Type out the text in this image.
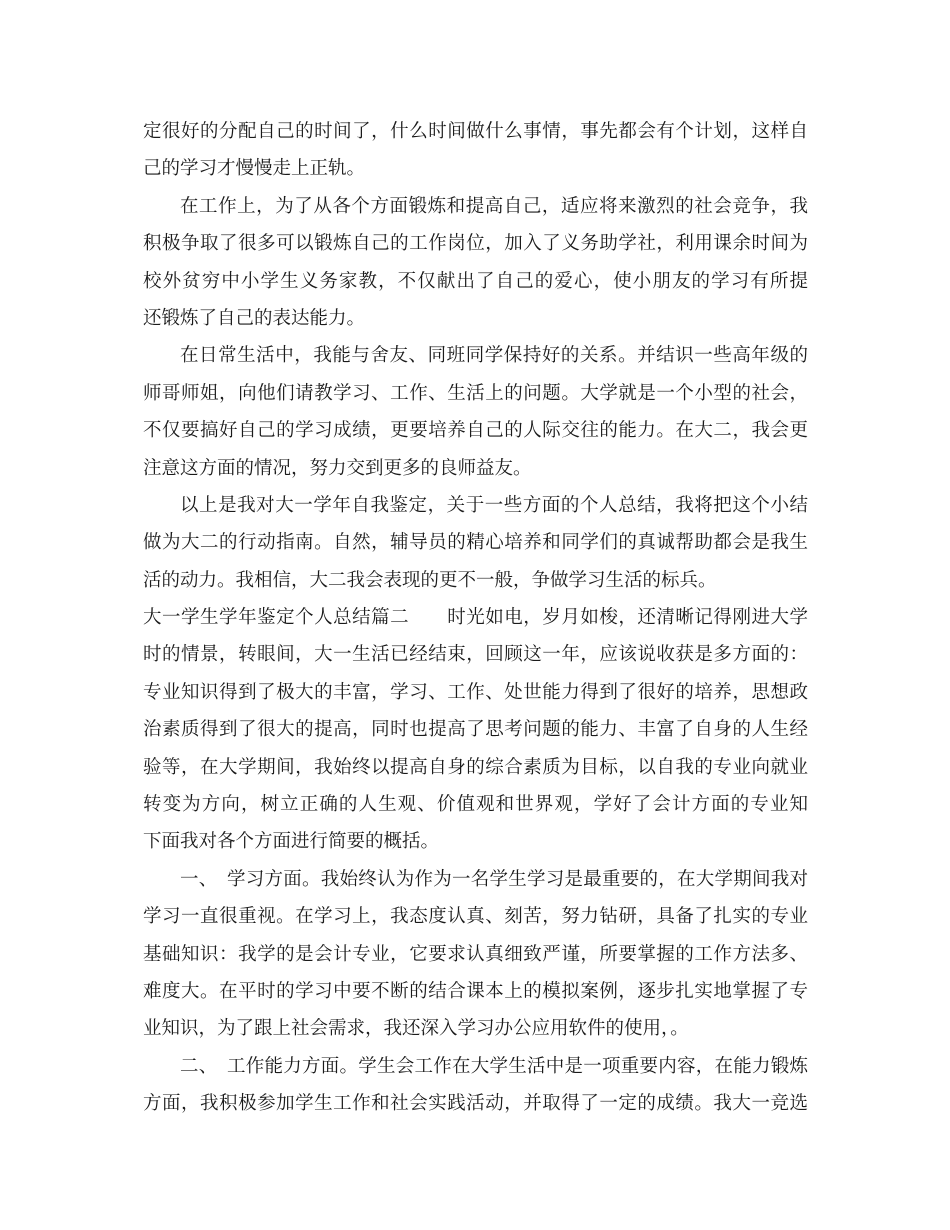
定很好的分配自己的时间了，什么时间做什么事情，事先都会有个计划，这样自
己的学习才慢慢走上正轨。
在工作上，为了从各个方面锻炼和提高自己，适应将来激烈的社会竞争，我
积极争取了很多可以锻炼自己的工作岗位，加入了义务助学社，利用课余时间为
校外贫穷中小学生义务家教，不仅献出了自己的爱心，使小朋友的学习有所提
还锻炼了自己的表达能力。
在日常生活中，我能与舍友、同班同学保持好的关系。并结识一些高年级的
师哥师姐，向他们请教学习、工作、生活上的问题。大学就是一个小型的社会，
不仅要搞好自己的学习成绩，更要培养自己的人际交往的能力。在大二，我会更
注意这方面的情况，努力交到更多的良师益友。
以上是我对大一学年自我鉴定，关于一些方面的个人总结，我将把这个小结
做为大二的行动指南。自然，辅导员的精心培养和同学们的真诚帮助都会是我生
活的动力。我相信，大二我会表现的更不一般，争做学习生活的标兵。
大一学生学年鉴定个人总结篇二　　时光如电，岁月如梭，还清晰记得刚进大学
时的情景，转眼间，大一生活已经结束，回顾这一年，应该说收获是多方面的：
专业知识得到了极大的丰富，学习、工作、处世能力得到了很好的培养，思想政
治素质得到了很大的提高，同时也提高了思考问题的能力、丰富了自身的人生经
验等，在大学期间，我始终以提高自身的综合素质为目标，以自我的专业向就业
转变为方向，树立正确的人生观、价值观和世界观，学好了会计方面的专业知
下面我对各个方面进行简要的概括。
一、　学习方面。我始终认为作为一名学生学习是最重要的，在大学期间我对
学习一直很重视。在学习上，我态度认真、刻苦，努力钻研，具备了扎实的专业
基础知识：我学的是会计专业，它要求认真细致严谨，所要掌握的工作方法多、
难度大。在平时的学习中要不断的结合课本上的模拟案例，逐步扎实地掌握了专
业知识，为了跟上社会需求，我还深入学习办公应用软件的使用，。
二、　工作能力方面。学生会工作在大学生活中是一项重要内容，在能力锻炼
方面，我积极参加学生工作和社会实践活动，并取得了一定的成绩。我大一竞选
